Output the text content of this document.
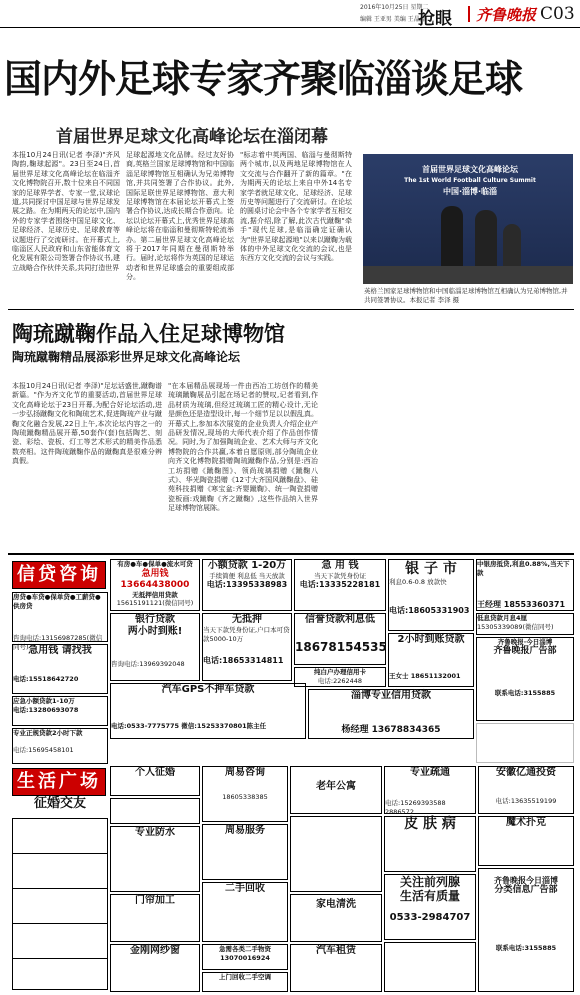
2016年10月25日 星期二
编辑 王亚男 美编 王晶晶
抢眼 齐鲁晚报 C03
国内外足球专家齐聚临淄谈足球
首届世界足球文化高峰论坛在淄闭幕
本报10月24日讯(记者 李泽)"齐风陶韵,鞠球起源"。23日至24日,首届世界足球文化高峰论坛在临淄齐文化博物院召开,数十位来自不同国家的足球界学者、专家一堂,议球论道,共同探讨中国足球与世界足球发展之路。在为期两天的论坛中,国内外的专家学者围绕中国足球文化、足球经济、足球历史、足球教育等议题进行了交流研讨。在开幕式上,临淄区人民政府和山东省能体育文化发展有限公司签署合作协议书,建立战略合作伙伴关系,共同打造世界
足球起源地文化品牌。经过友好协商,英格兰国家足球博物馆和中国临淄足球博物馆互相确认为兄弟博物馆,并共同签署了合作协议。此外,国际足联世界足球博物馆、意大利足球博物馆在本届论坛开幕式上签署合作协议,达成长期合作意向。论坛以论坛开幕式上,优秀世界足球高峰论坛将在临淄和曼彻斯特轮流举办。第二届世界足球文化高峰论坛将于2017年同期在曼彻斯特举行。届时,论坛将作为英国的足球运动者和世界足球盛会的重要组成部分。
"标志着中英两国、临淄与曼彻斯特两个城市,以及两地足球博物馆在人文交流与合作翻开了新的篇章。"在为期两天的论坛上来自中外14名专家学者就足球文化、足球经济、足球历史等问题进行了交流研讨。在论坛的圆桌讨论会中各个专家学者互相交流,据介绍,除了解,此次古代蹴鞠"牵手"现代足球,是临淄确定证确认为"世界足球起源地"以来以蹴鞠为载体的中外足球文化交流的会议,也是东西方文化交流的会议与实践。
首届世界足球文化高峰论坛
The 1st World Football Culture Summit
中国·淄博·临淄
英格兰国家足球博物馆和中国临淄足球博物馆互相确认为兄弟博物馆,并共同签署协议。本报记者 李泽 摄
陶琉蹴鞠作品入住足球博物馆
陶琉蹴鞠精品展添彩世界足球文化高峰论坛
本报10月24日讯(记者 李泽)"足坛话盛世,蹴鞠谱新篇。"作为齐文化节的重要活动,首届世界足球文化高峰论坛于23日开幕,为配合好论坛活动,进一步弘扬蹴鞠文化和陶琉艺术,促进陶琉产业与蹴鞠文化融合发展,22日上午,本次论坛内容之一的陶琉蹴鞠精品展开幕,50套作(套)包括陶艺、刻瓷、彩绘、瓷板、灯工等艺术形式的精美作品悉数亮相。这件陶琉蹴鞠作品的蹴鞠真是很难分辨真假。
"在本届精品展现场一件由西冶工坊创作的精美琉璃蹴鞠展品引起在场记者的赞叹,记者看到,作品材质为琉璃,但经过琉璃工匠的精心设计,无论是颜色还是造型设计,每一个细节足以以假乱真。开幕式上,参加本次展览的企业负责人介绍企业产品研发情况,现场的大师代表介绍了作品创作情况。同时,为了加强陶琉企业、艺术大师与齐文化博物院的合作共赢,本着自愿原则,部分陶琉企业向齐文化博物院捐赠陶琉蹴鞠作品,分别是:西冶工坊捐赠《蹴鞠图》、领尚琉璃捐赠《蹴鞠八式》、华光陶瓷捐赠《12寸大齐国风蹴鞠盘》、硅苑科技捐赠《寒宝盆:齐婴蹴鞠》、统一陶瓷捐赠瓷板画:戏蹴鞠《齐之蹴鞠》,这些作品纳入世界足球博物馆展陈。
信贷咨询	有房●车●保单●流水可贷
急用钱13664438000
无抵押信用贷款
15615191121(微信同号)
小额贷款 1-20万
手续简便 利息低 当天放款
电话:13395338983
急 用 钱
当天下款凭身份证
电话:13335228181
银 子 市
利息0.6-0.8 放款快
电话:18605331903
中银房抵贷,利息0.88%,当天下款
王经理 18553360371
房贷●车贷●保单贷●工薪贷●供房贷
咨询电话:13156987285(微信同号)
银行贷款
两小时到账!
咨询电话:13969392048
无抵押
当天下款凭身份证,户口本可贷款5000-10万
电话:18653314811
信誉贷款利息低
18678154535
低息贷款月息4厘
15305339089(微信同号)
2小时到账贷款
王女士 18651132001
齐鲁晚报·今日淄博
齐鲁晚报广告部
联系电话:3155885
急用钱 请找我
电话:15518642720
纯白户办理信用卡
电话:2262448
应急小额贷款1-10万
电话:13280693078
汽车GPS不押车贷款
电话:0533-7775775 微信:15253370801陈主任
淄博专业信用贷款
杨经理 13678834365
专业正规贷款2小时下款
电话:15695458101
生活广场
征婚交友
个人征婚
专业防水
门帘加工
金刚网纱窗
周易咨询
18605338385
周易服务
二手回收
急需各类二手物资
13070016924
上门回收二手空调
老年公寓
家电清洗
汽车租赁
专业疏通
电话:15269393588 2886572
皮 肤 病
关注前列腺
生活有质量
0533-2984707
安徽亿通投资
电话:13635519199
魔术扑克
齐鲁晚报今日淄博
分类信息广告部
联系电话:3155885
